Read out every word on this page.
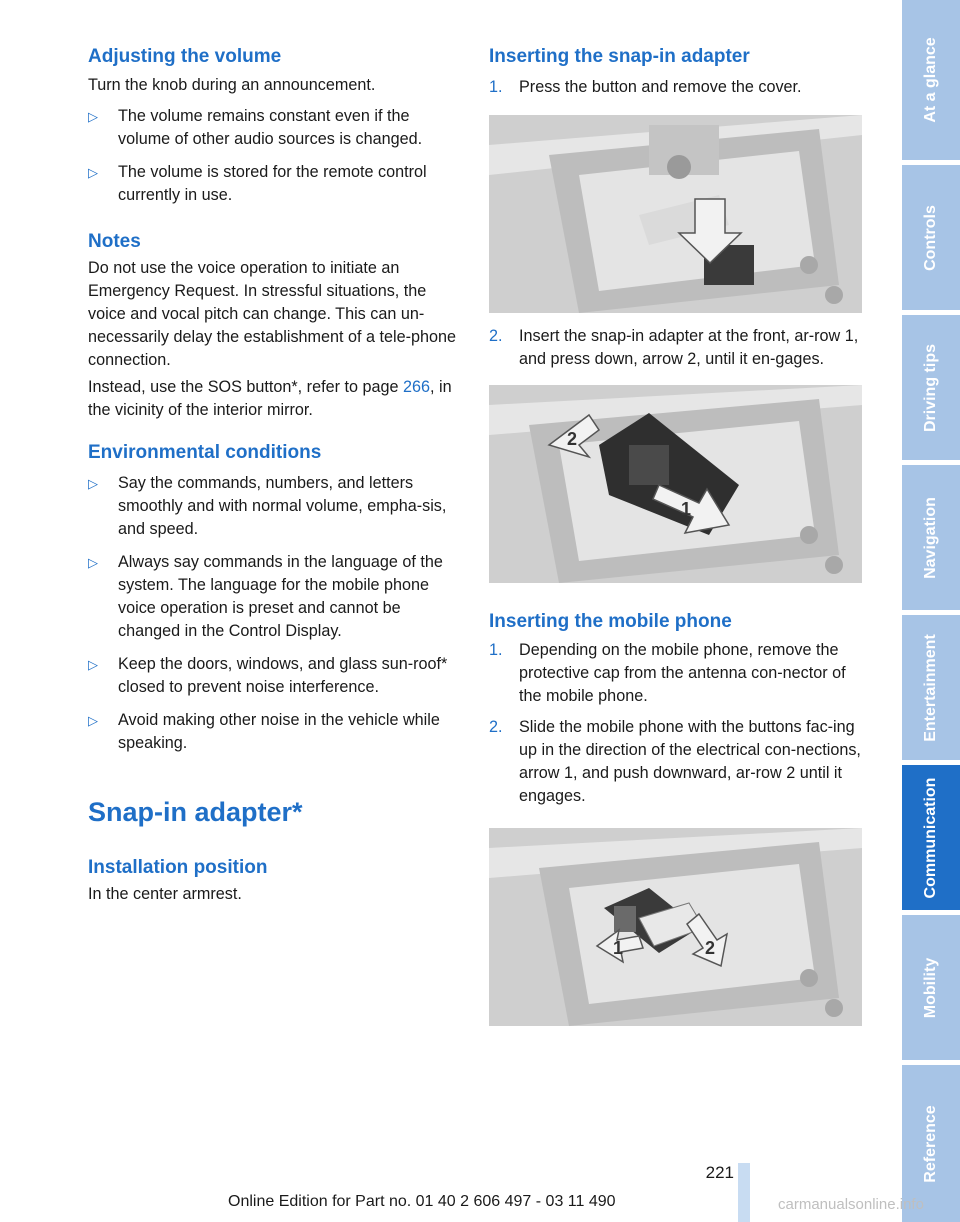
Adjusting the volume

Turn the knob during an announcement.

▷ The volume remains constant even if the volume of other audio sources is changed.
▷ The volume is stored for the remote control currently in use.
Notes

Do not use the voice operation to initiate an Emergency Request. In stressful situations, the voice and vocal pitch can change. This can un-necessarily delay the establishment of a tele-phone connection.

Instead, use the SOS button*, refer to page 266, in the vicinity of the interior mirror.

Environmental conditions
▷ Say the commands, numbers, and letters smoothly and with normal volume, empha-sis, and speed.
▷ Always say commands in the language of the system. The language for the mobile phone voice operation is preset and cannot be changed in the Control Display.
▷ Keep the doors, windows, and glass sun-roof* closed to prevent noise interference.
▷ Avoid making other noise in the vehicle while speaking.
Snap-in adapter*
Installation position

In the center armrest.

Inserting the snap-in adapter
1. Press the button and remove the cover.
2. Insert the snap-in adapter at the front, ar-row 1, and press down, arrow 2, until it en-gages.
2
1
Inserting the mobile phone
1. Depending on the mobile phone, remove the protective cap from the antenna con-nector of the mobile phone.
2. Slide the mobile phone with the buttons fac-ing up in the direction of the electrical con-nections, arrow 1, and push downward, ar-row 2 until it engages.
1	2
At a glance
Controls
Driving tips
Navigation
Entertainment
Communication
Mobility
Reference
221
Online Edition for Part no. 01 40 2 606 497 - 03 11 490	carmanualsonline.info
